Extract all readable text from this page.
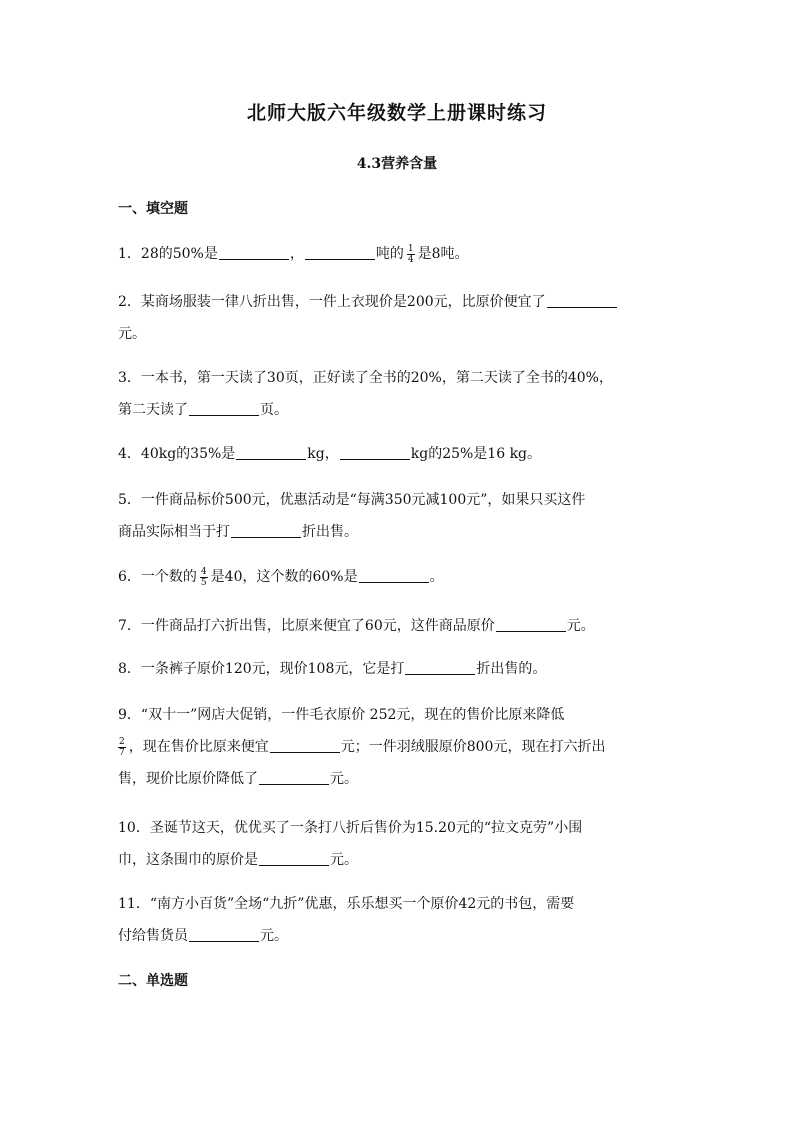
北师大版六年级数学上册课时练习
4.3营养含量
一、填空题
1．28的50%是	，	吨的 $\frac{1}{4}$ 是8吨。
2．某商场服装一律八折出售，一件上衣现价是200元，比原价便宜了
元。
3．一本书，第一天读了30页，正好读了全书的20%，第二天读了全书的40%，
第二天读了	页。
4．40kg的35%是	kg，	kg的25%是16 kg。
5．一件商品标价500元，优惠活动是“每满350元减100元”，如果只买这件
商品实际相当于打	折出售。
6．一个数的 $\frac{4}{5}$ 是40，这个数的60%是	。
7．一件商品打六折出售，比原来便宜了60元，这件商品原价	元。
8．一条裤子原价120元，现价108元，它是打	折出售的。
9．“双十一”网店大促销，一件毛衣原价 252元，现在的售价比原来降低
$\frac{2}{7}$ ，现在售价比原来便宜	元；一件羽绒服原价800元，现在打六折出
售，现价比原价降低了	元。
10．圣诞节这天，优优买了一条打八折后售价为15.20元的“拉文克劳”小围
巾，这条围巾的原价是	元。
11．“南方小百货”全场“九折”优惠，乐乐想买一个原价42元的书包，需要
付给售货员	元。
二、单选题
